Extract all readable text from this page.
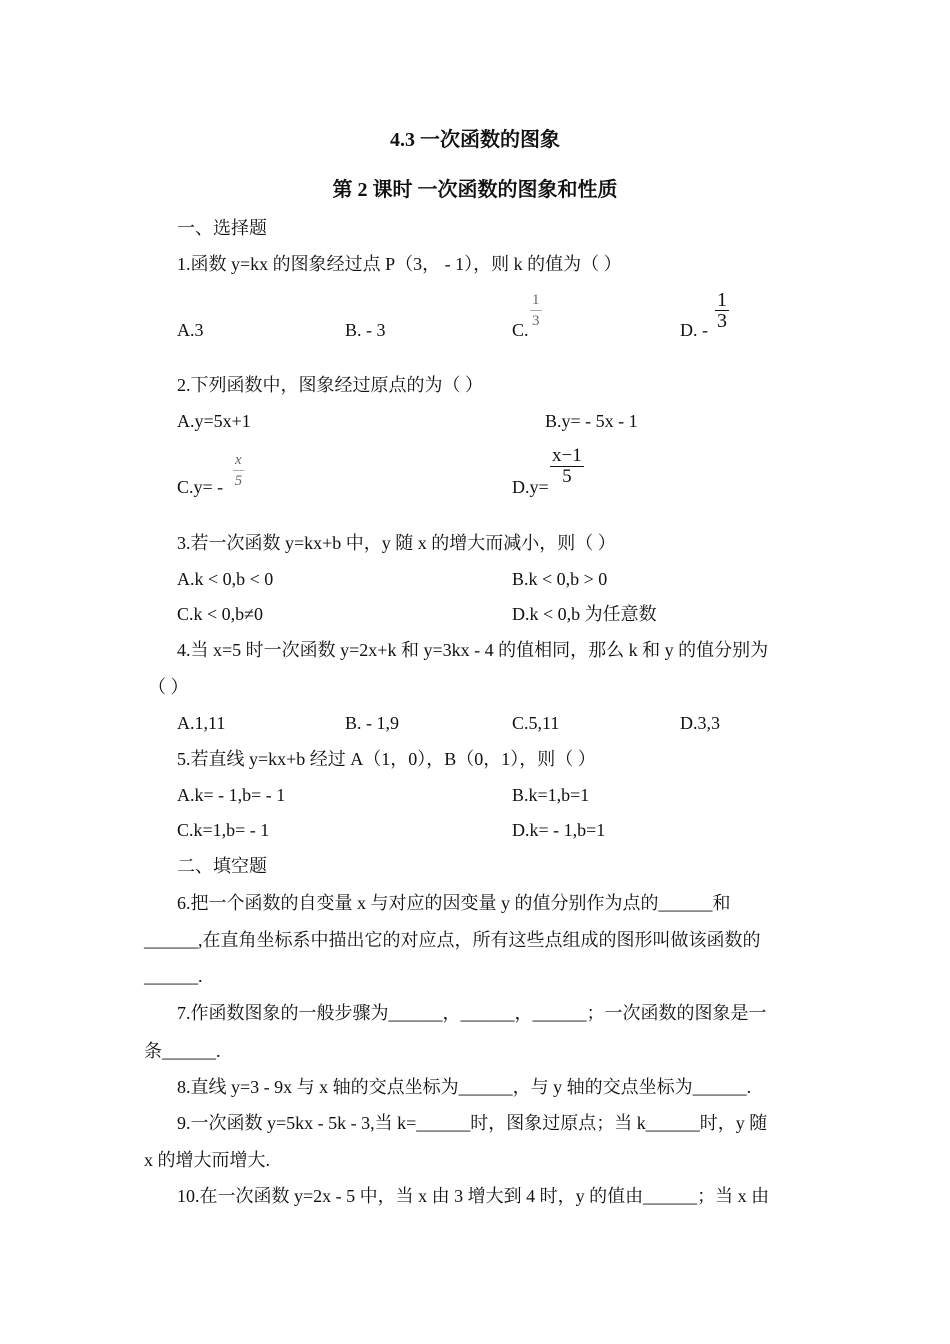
4.3 一次函数的图象
第 2 课时 一次函数的图象和性质
一、选择题
1.函数 y=kx 的图象经过点 P（3， - 1），则 k 的值为（ ）
A.3	B. - 3	C. $\frac{1}{3}$	D. - $\frac{1}{3}$
2.下列函数中，图象经过原点的为（ ）
A.y=5x+1	B.y= - 5x - 1
$C.y= - \frac{x}{5}$	$D.y= \frac{x-1}{5}$
3.若一次函数 y=kx+b 中，y 随 x 的增大而减小，则（ ）
A.k < 0,b < 0	B.k < 0,b > 0
C.k < 0,b≠0	D.k < 0,b 为任意数
4.当 x=5 时一次函数 y=2x+k 和 y=3kx - 4 的值相同，那么 k 和 y 的值分别为
（ ）
A.1,11	B. - 1,9	C.5,11	D.3,3
5.若直线 y=kx+b 经过 A（1，0），B（0，1），则（ ）
A.k= - 1,b= - 1	B.k=1,b=1
C.k=1,b= - 1	D.k= - 1,b=1
二、填空题
6.把一个函数的自变量 x 与对应的因变量 y 的值分别作为点的______和
______,在直角坐标系中描出它的对应点，所有这些点组成的图形叫做该函数的
______.
7.作函数图象的一般步骤为______，______，______；一次函数的图象是一
条______.
8.直线 y=3 - 9x 与 x 轴的交点坐标为______，与 y 轴的交点坐标为______.
9.一次函数 y=5kx - 5k - 3,当 k=______时，图象过原点；当 k______时，y 随
x 的增大而增大.
10.在一次函数 y=2x - 5 中，当 x 由 3 增大到 4 时，y 的值由______；当 x 由
